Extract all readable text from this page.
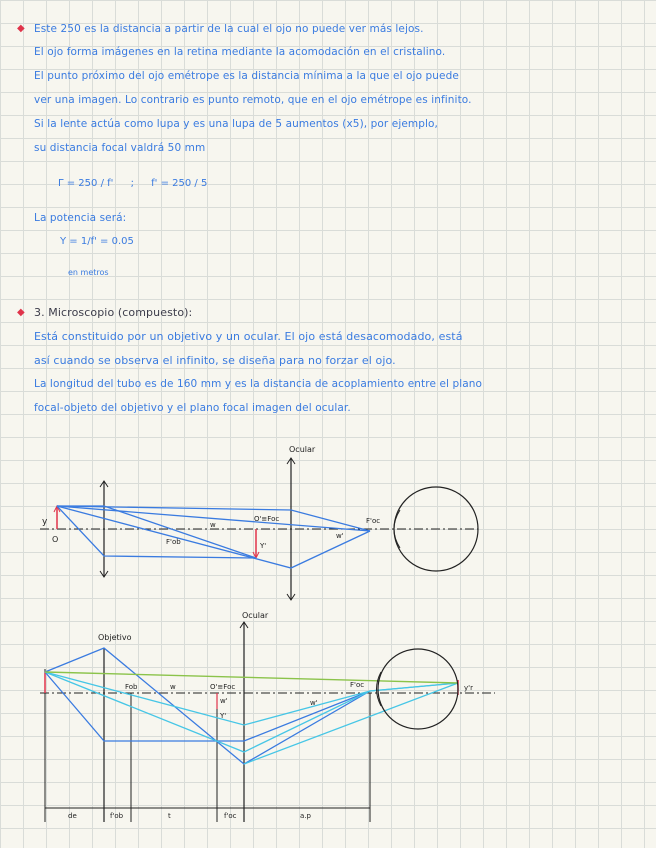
◆ Este 250 es la distancia a partir de la cual el ojo no puede ver más lejos.
El ojo forma imágenes en la retina mediante la acomodación en el cristalino.
El punto próximo del ojo emétrope es la distancia mínima a la que el ojo puede
ver una imagen. Lo contrario es punto remoto, que en el ojo emétrope es infinito.
Si la lente actúa como lupa y es una lupa de 5 aumentos (x5), por ejemplo,
su distancia focal valdrá 50 mm
Γ = 250 / f' ; f' = 250 / 5
La potencia será:
Y = 1/f' = 0.05
en metros
◆ 3. Microscopio (compuesto):
Está constituido por un objetivo y un ocular. El ojo está desacomodado, está
así cuando se observa el infinito, se diseña para no forzar el ojo.
La longitud del tubo es de 160 mm y es la distancia de acoplamiento entre el plano
focal-objeto del objetivo y el plano focal imagen del ocular.
Ocular
y
O	F'ob	Y'
w
O'≡Foc	F'oc
w'
Ocular
Objetivo
Fob	w	O'≡Foc	F'oc
Y'
w'	w'
y'r
de	f'ob	t	f'oc	a.p
